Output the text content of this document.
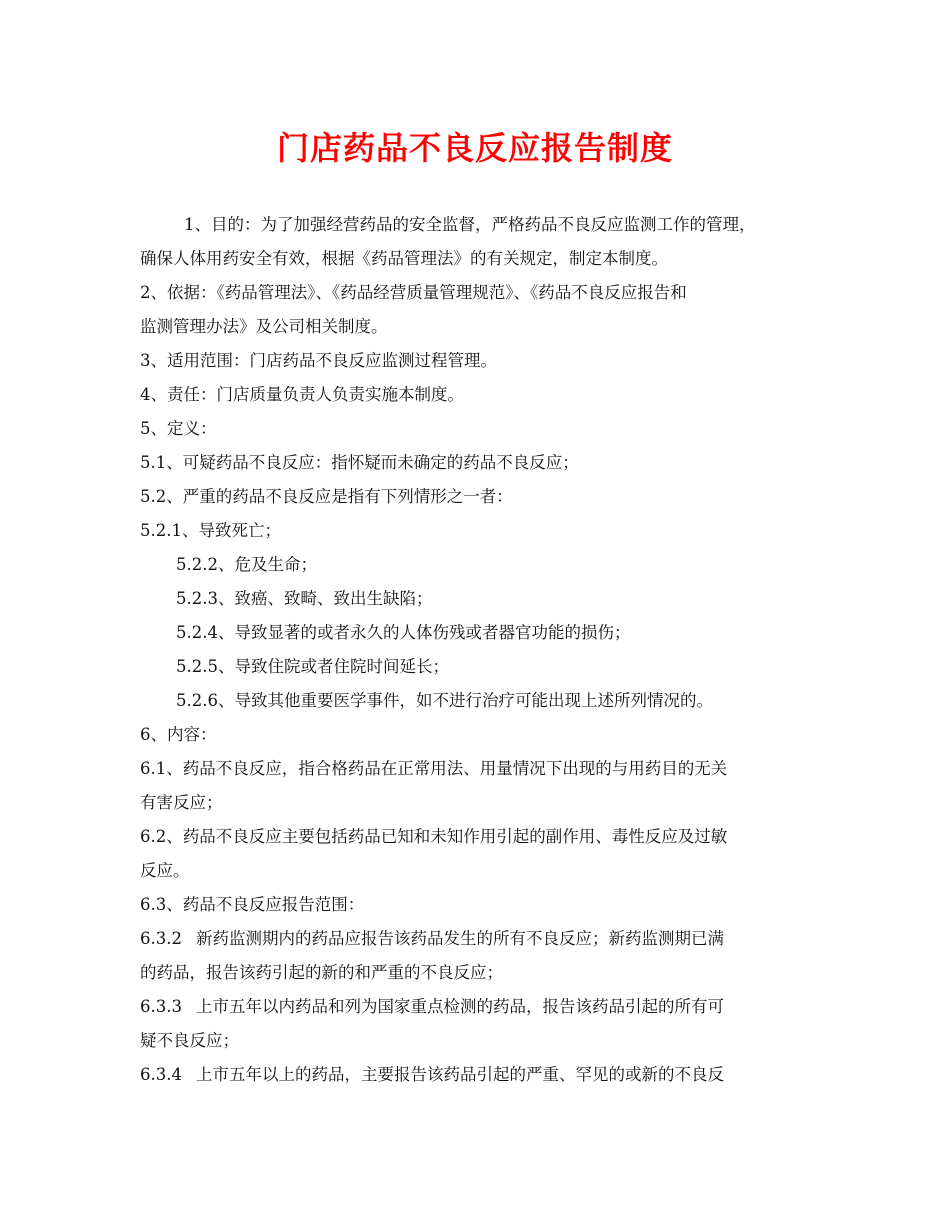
门店药品不良反应报告制度

1、目的：为了加强经营药品的安全监督，严格药品不良反应监测工作的管理，

确保人体用药安全有效，根据《药品管理法》的有关规定，制定本制度。

2、依据：《药品管理法》、《药品经营质量管理规范》、《药品不良反应报告和

监测管理办法》及公司相关制度。

3、适用范围：门店药品不良反应监测过程管理。

4、责任：门店质量负责人负责实施本制度。

5、定义：

5.1、可疑药品不良反应：指怀疑而未确定的药品不良反应；

5.2、严重的药品不良反应是指有下列情形之一者：

5.2.1、导致死亡；

5.2.2、危及生命；

5.2.3、致癌、致畸、致出生缺陷；

5.2.4、导致显著的或者永久的人体伤残或者器官功能的损伤；

5.2.5、导致住院或者住院时间延长；

5.2.6、导致其他重要医学事件，如不进行治疗可能出现上述所列情况的。

6、内容：

6.1、药品不良反应，指合格药品在正常用法、用量情况下出现的与用药目的无关

有害反应；

6.2、药品不良反应主要包括药品已知和未知作用引起的副作用、毒性反应及过敏

反应。

6.3、药品不良反应报告范围：

6.3.2 新药监测期内的药品应报告该药品发生的所有不良反应；新药监测期已满

的药品，报告该药引起的新的和严重的不良反应；

6.3.3 上市五年以内药品和列为国家重点检测的药品，报告该药品引起的所有可

疑不良反应；

6.3.4 上市五年以上的药品，主要报告该药品引起的严重、罕见的或新的不良反
